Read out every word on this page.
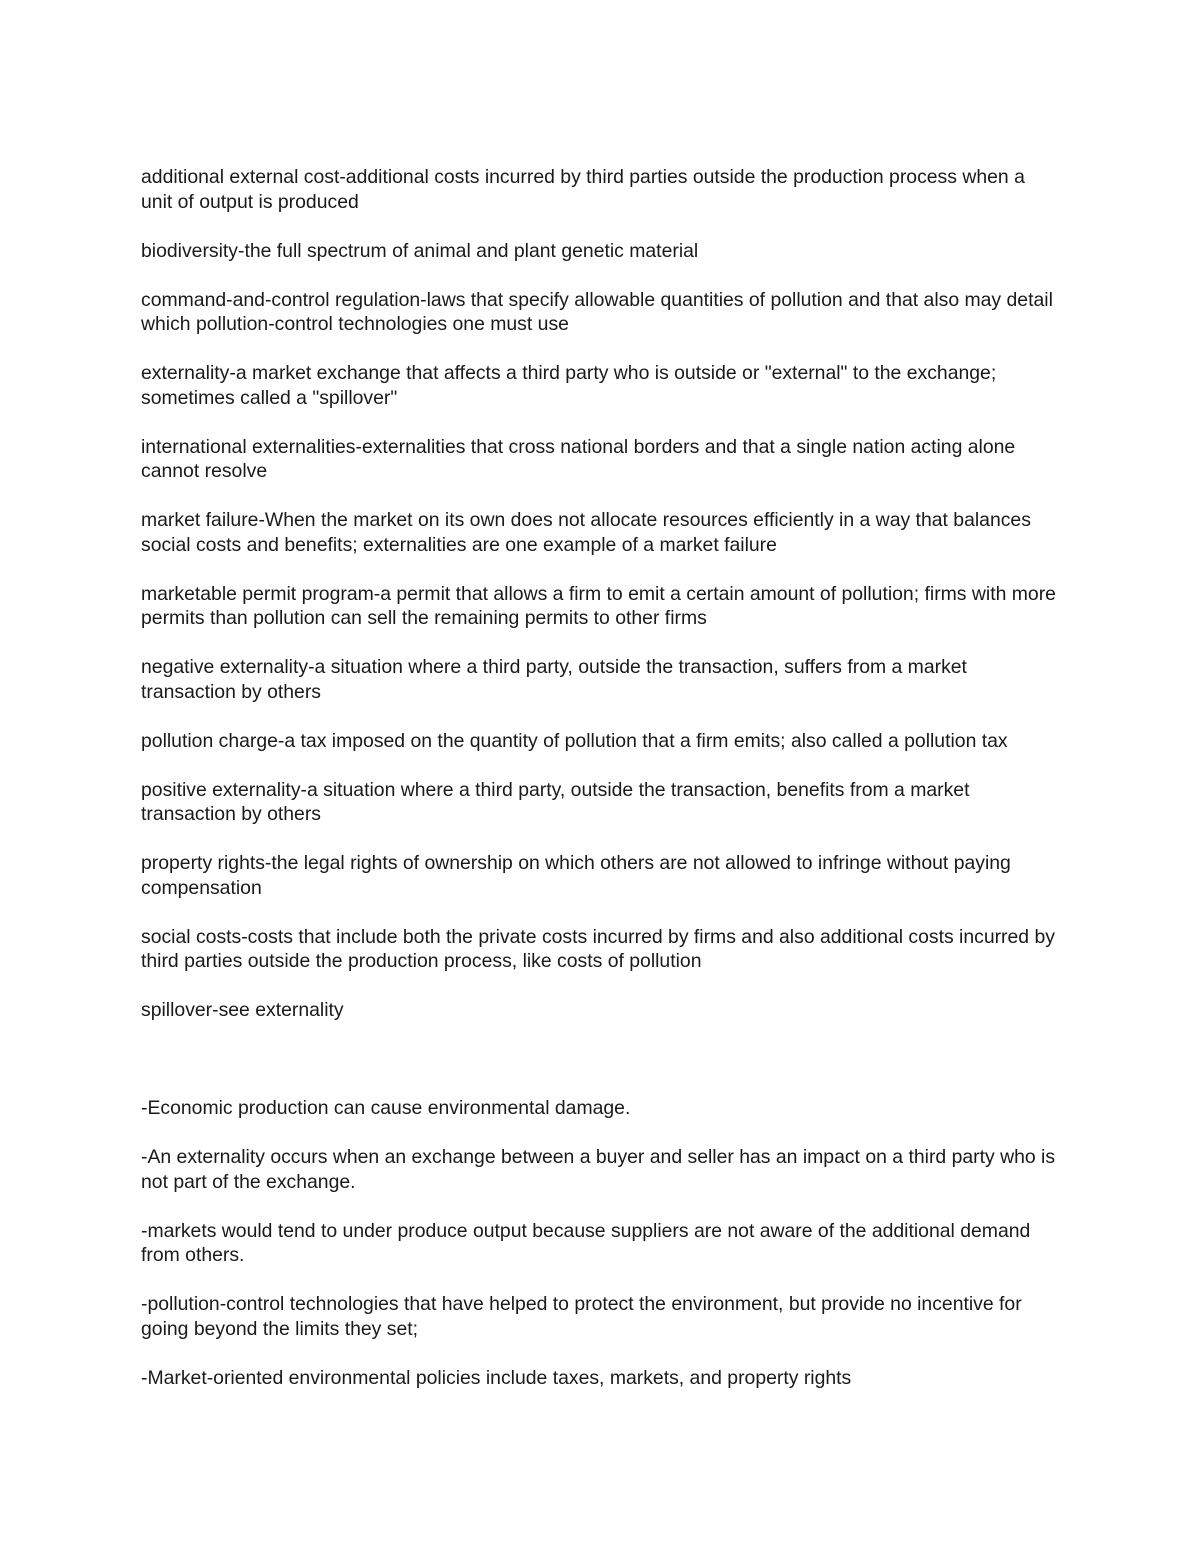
additional external cost-additional costs incurred by third parties outside the production process when a unit of output is produced

biodiversity-the full spectrum of animal and plant genetic material

command-and-control regulation-laws that specify allowable quantities of pollution and that also may detail which pollution-control technologies one must use

externality-a market exchange that affects a third party who is outside or "external" to the exchange; sometimes called a "spillover"

international externalities-externalities that cross national borders and that a single nation acting alone cannot resolve

market failure-When the market on its own does not allocate resources efficiently in a way that balances social costs and benefits; externalities are one example of a market failure

marketable permit program-a permit that allows a firm to emit a certain amount of pollution; firms with more permits than pollution can sell the remaining permits to other firms

negative externality-a situation where a third party, outside the transaction, suffers from a market transaction by others

pollution charge-a tax imposed on the quantity of pollution that a firm emits; also called a pollution tax

positive externality-a situation where a third party, outside the transaction, benefits from a market transaction by others

property rights-the legal rights of ownership on which others are not allowed to infringe without paying compensation

social costs-costs that include both the private costs incurred by firms and also additional costs incurred by third parties outside the production process, like costs of pollution

spillover-see externality

-Economic production can cause environmental damage.

-An externality occurs when an exchange between a buyer and seller has an impact on a third party who is not part of the exchange.

-markets would tend to under produce output because suppliers are not aware of the additional demand from others.

-pollution-control technologies that have helped to protect the environment, but provide no incentive for going beyond the limits they set;

-Market-oriented environmental policies include taxes, markets, and property rights
